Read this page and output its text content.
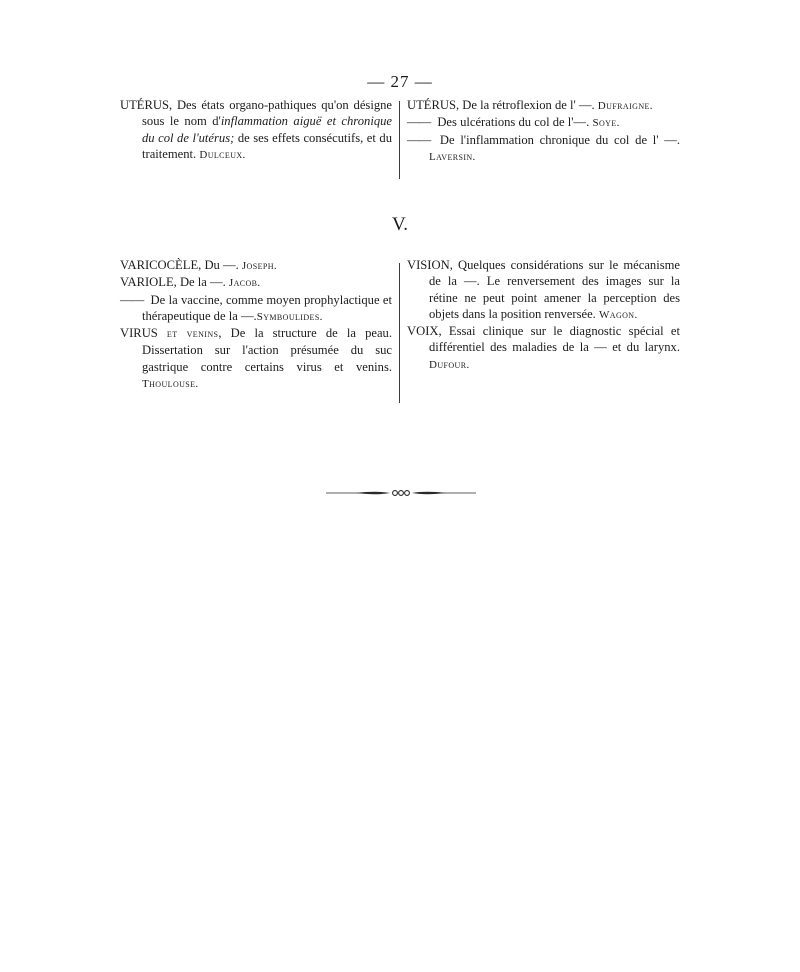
— 27 —

UTÉRUS, Des états organo-pathiques qu'on désigne sous le nom d'inflammation aiguë et chronique du col de l'utérus; de ses effets consécutifs, et du traitement. Dulceux.

UTÉRUS, De la rétroflexion de l' —. Dufraigne.

—— Des ulcérations du col de l'—. Soye.

—— De l'inflammation chronique du col de l' —. Laversin.

V.

VARICOCÈLE, Du —. Joseph.

VARIOLE, De la —. Jacob.

—— De la vaccine, comme moyen prophylactique et thérapeutique de la —.Symboulides.

VIRUS et venins, De la structure de la peau. Dissertation sur l'action présumée du suc gastrique contre certains virus et venins. Thoulouse.

VISION, Quelques considérations sur le mécanisme de la —. Le renversement des images sur la rétine ne peut point amener la perception des objets dans la position renversée. Wagon.

VOIX, Essai clinique sur le diagnostic spécial et différentiel des maladies de la — et du larynx. Dufour.
